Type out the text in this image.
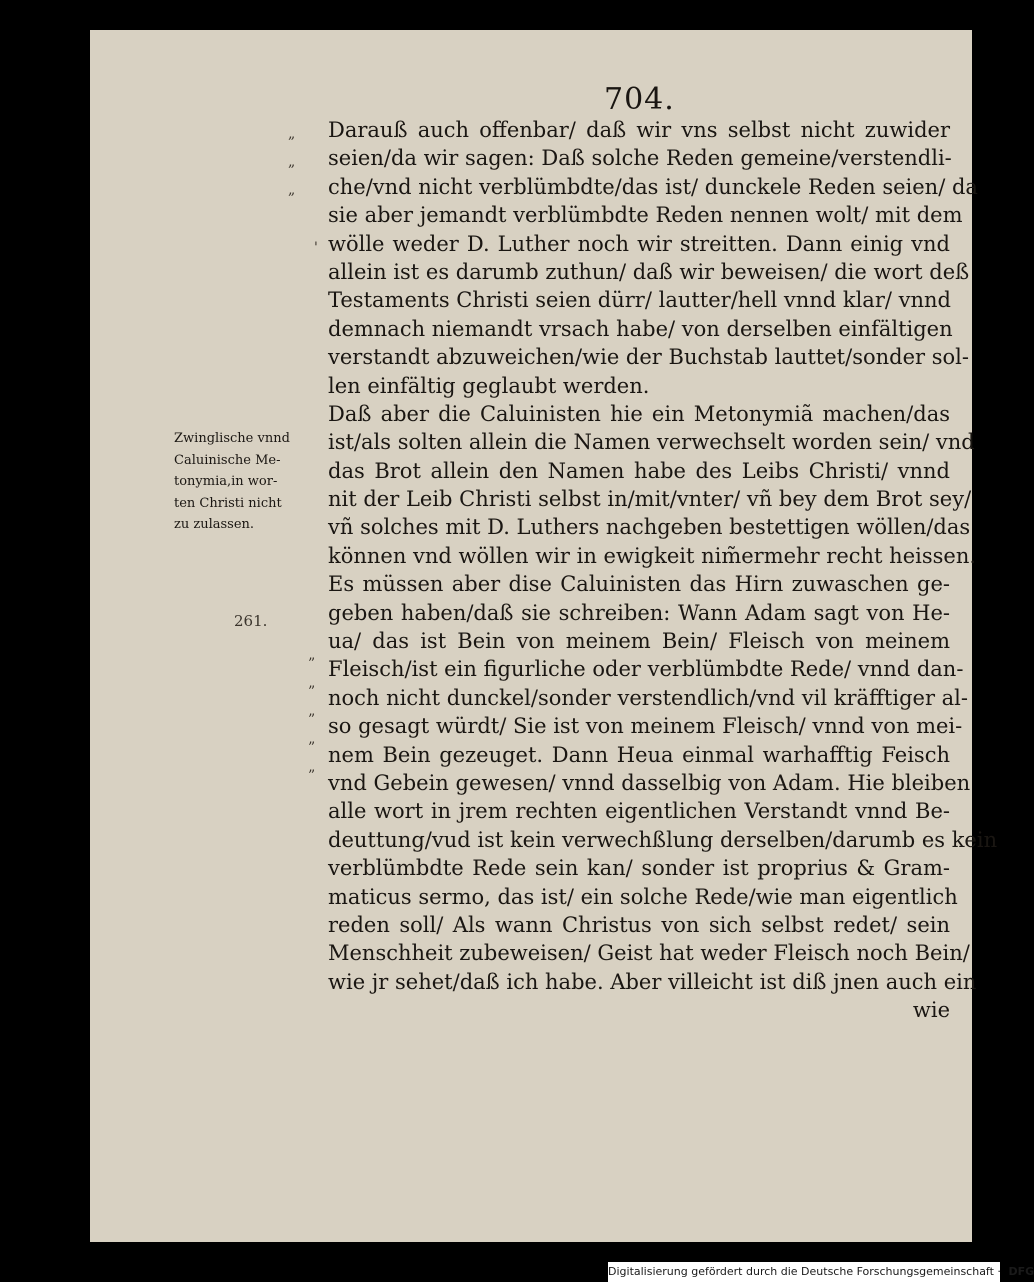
704.
„
„
„
'
”
”
”
”
”
Zwinglische vnnd
Caluinische Me-
tonymia,in wor-
ten Christi nicht
zu zulassen.
261.
Darauß auch offenbar/ daß wir vns selbst nicht zuwider
seien/da wir sagen: Daß solche Reden gemeine/verstendli-
che/vnd nicht verblümbdte/das ist/ dunckele Reden seien/ da
sie aber jemandt verblümbdte Reden nennen wolt/ mit dem
wölle weder D. Luther noch wir streitten. Dann einig vnd
allein ist es darumb zuthun/ daß wir beweisen/ die wort deß
Testaments Christi seien dürr/ lautter/hell vnnd klar/ vnnd
demnach niemandt vrsach habe/ von derselben einfältigen
verstandt abzuweichen/wie der Buchstab lauttet/sonder sol-
len einfältig geglaubt werden.
Daß aber die Caluinisten hie ein Metonymiã machen/das
ist/als solten allein die Namen verwechselt worden sein/ vnd
das Brot allein den Namen habe des Leibs Christi/ vnnd
nit der Leib Christi selbst in/mit/vnter/ vñ bey dem Brot sey/
vñ solches mit D. Luthers nachgeben bestettigen wöllen/das
können vnd wöllen wir in ewigkeit nim̃ermehr recht heissen.
Es müssen aber dise Caluinisten das Hirn zuwaschen ge-
geben haben/daß sie schreiben: Wann Adam sagt von He-
ua/ das ist Bein von meinem Bein/ Fleisch von meinem
Fleisch/ist ein figurliche oder verblümbdte Rede/ vnnd dan-
noch nicht dunckel/sonder verstendlich/vnd vil kräfftiger al-
so gesagt würdt/ Sie ist von meinem Fleisch/ vnnd von mei-
nem Bein gezeuget. Dann Heua einmal warhafftig Feisch
vnd Gebein gewesen/ vnnd dasselbig von Adam. Hie bleiben
alle wort in jrem rechten eigentlichen Verstandt vnnd Be-
deuttung/vud ist kein verwechßlung derselben/darumb es kein
verblümbdte Rede sein kan/ sonder ist proprius & Gram-
maticus sermo, das ist/ ein solche Rede/wie man eigentlich
reden soll/ Als wann Christus von sich selbst redet/ sein
Menschheit zubeweisen/ Geist hat weder Fleisch noch Bein/
wie jr sehet/daß ich habe. Aber villeicht ist diß jnen auch ein
wie
Digitalisierung gefördert durch die Deutsche Forschungsgemeinschaft · DFG
